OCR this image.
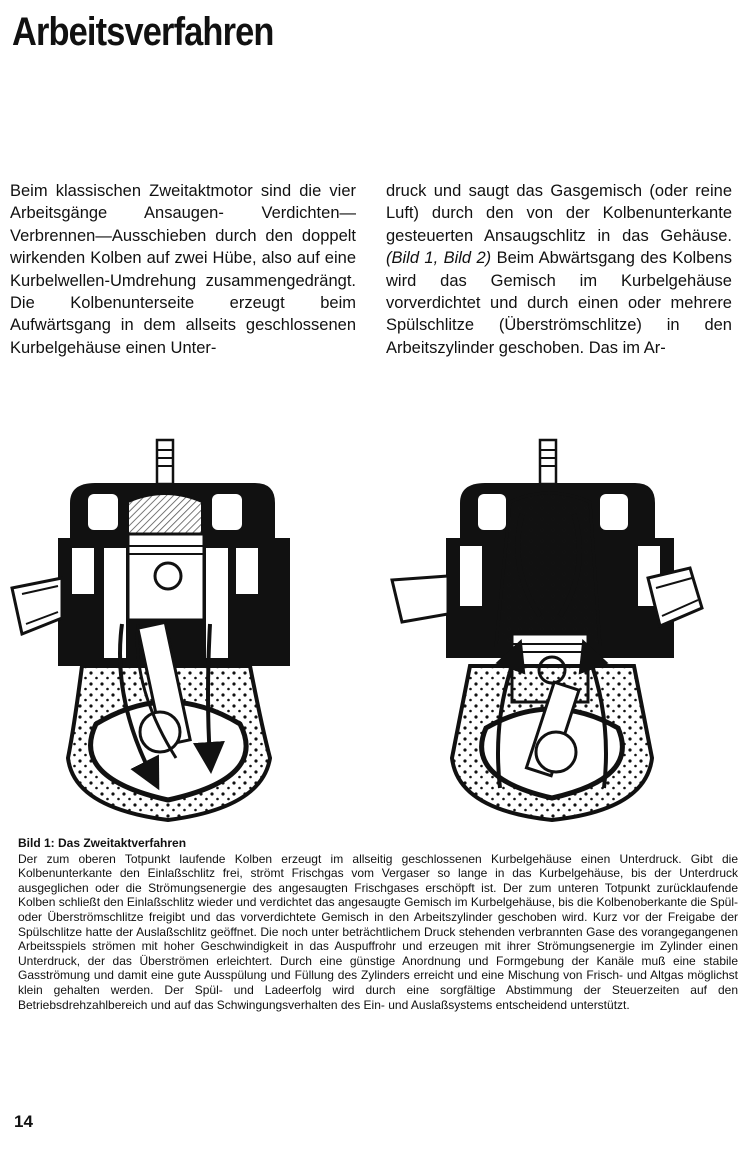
Arbeitsverfahren

Beim klassischen Zweitaktmotor sind die vier Arbeitsgänge Ansaugen- Verdichten—Verbrennen—Ausschieben durch den doppelt wirkenden Kolben auf zwei Hübe, also auf eine Kurbelwellen-Umdrehung zusammengedrängt. Die Kolbenunterseite erzeugt beim Aufwärtsgang in dem allseits geschlossenen Kurbelgehäuse einen Unter-

druck und saugt das Gasgemisch (oder reine Luft) durch den von der Kolbenunterkante gesteuerten Ansaugschlitz in das Gehäuse. (Bild 1, Bild 2) Beim Abwärtsgang des Kolbens wird das Gemisch im Kurbelgehäuse vorverdichtet und durch einen oder mehrere Spülschlitze (Überströmschlitze) in den Arbeitszylinder geschoben. Das im Ar-

Bild 1: Das Zweitaktverfahren
Der zum oberen Totpunkt laufende Kolben erzeugt im allseitig geschlossenen Kurbelgehäuse einen Unterdruck. Gibt die Kolbenunterkante den Einlaßschlitz frei, strömt Frischgas vom Vergaser so lange in das Kurbelgehäuse, bis der Unterdruck ausgeglichen oder die Strömungsenergie des angesaugten Frischgases erschöpft ist. Der zum unteren Totpunkt zurücklaufende Kolben schließt den Einlaßschlitz wieder und verdichtet das angesaugte Gemisch im Kurbelgehäuse, bis die Kolbenoberkante die Spül- oder Überströmschlitze freigibt und das vorverdichtete Gemisch in den Arbeitszylinder geschoben wird. Kurz vor der Freigabe der Spülschlitze hatte der Auslaßschlitz geöffnet. Die noch unter beträchtlichem Druck stehenden verbrannten Gase des vorangegangenen Arbeitsspiels strömen mit hoher Geschwindigkeit in das Auspuffrohr und erzeugen mit ihrer Strömungsenergie im Zylinder einen Unterdruck, der das Überströmen erleichtert. Durch eine günstige Anordnung und Formgebung der Kanäle muß eine stabile Gasströmung und damit eine gute Ausspülung und Füllung des Zylinders erreicht und eine Mischung von Frisch- und Altgas möglichst klein gehalten werden. Der Spül- und Ladeerfolg wird durch eine sorgfältige Abstimmung der Steuerzeiten auf den Betriebsdrehzahlbereich und auf das Schwingungsverhalten des Ein- und Auslaßsystems entscheidend unterstützt.
14
